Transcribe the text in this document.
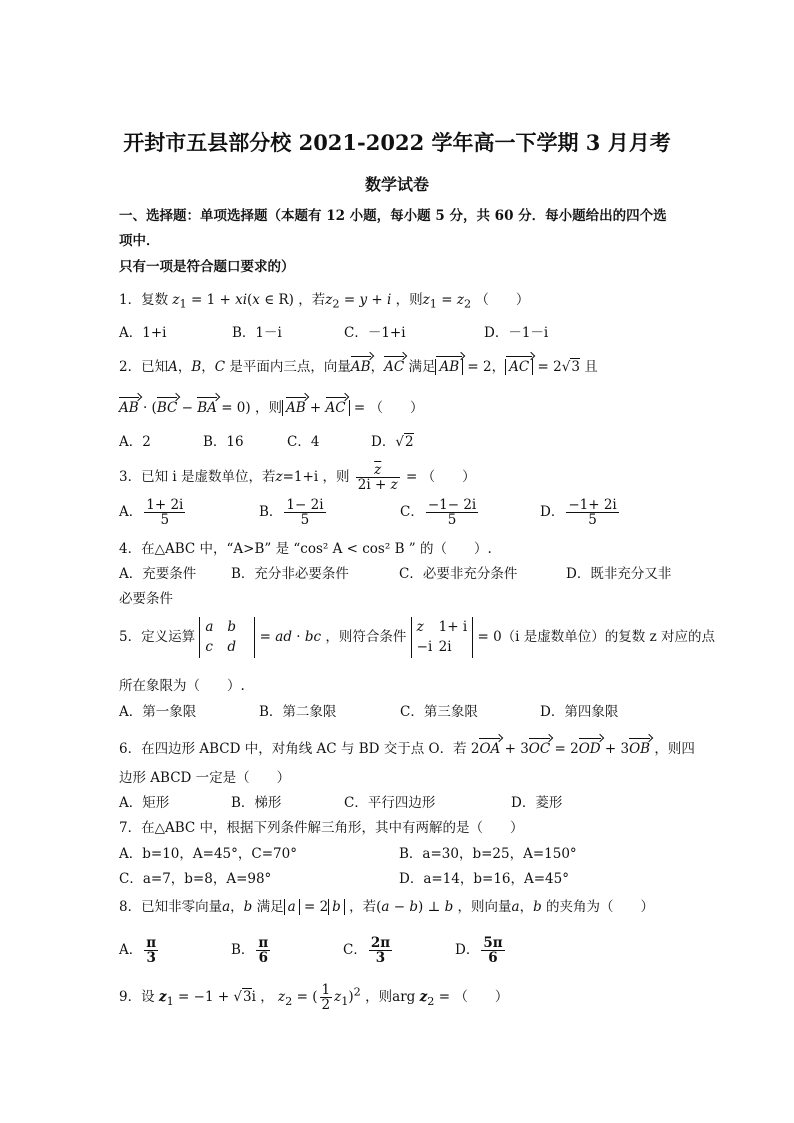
开封市五县部分校 2021-2022 学年高一下学期 3 月月考
数学试卷
一、选择题：单项选择题（本题有 12 小题，每小题 5 分，共 60 分．每小题给出的四个选
项中．
只有一项是符合题口要求的）
1．复数 $z_1 = 1 + xi(x$ ∈ R) ，若$z_2 = y + i$ ，则$z_1 = z_2$ （　　）
A．1+i	B．1－i	C．－1+i	D．－1－i
2．已知A，B，C 是平面内三点，向量AB，AC 满足 AB = 2， AC = 2√3 且
AB · (BC − BA = 0) ，则 AB + AC = （　　）
A．2	B．16	C．4	D．√2
3．已知 i 是虚数单位，若z=1+i ，则 $\frac{\overline{z}}{2i + z}$ = （　　）
A． $\frac{1+ 2i}{5}$	B． $\frac{1- 2i}{5}$	C． $\frac{-1- 2i}{5}$	D． $\frac{-1+ 2i}{5}$
4．在△ABC 中，“A>B” 是 “cos² A < cos² B ” 的（　　）.
A．充要条件	B．充分非必要条件	C．必要非充分条件	D．既非充分又非
必要条件
5．定义运算 a b
c d = ad · bc ，则符合条件 z 1+ i
−i 2i = 0（i 是虚数单位）的复数 z 对应的点
所在象限为（　　）.
A．第一象限	B．第二象限	C．第三象限	D．第四象限
6．在四边形 ABCD 中，对角线 AC 与 BD 交于点 O．若 2OA + 3OC = 2OD + 3OB ，则四
边形 ABCD 一定是（　　）
A．矩形	B．梯形	C．平行四边形	D．菱形
7．在△ABC 中，根据下列条件解三角形，其中有两解的是（　　）
A．b=10，A=45°，C=70°	B．a=30，b=25，A=150°
C．a=7，b=8，A=98°	D．a=14，b=16，A=45°
8．已知非零向量a，b 满足 a = 2 b ，若(a − b) ⊥ b ，则向量a，b 的夹角为（　　）
A． $\frac{\pi}{3}$	B． $\frac{\pi}{6}$	C． $\frac{2\pi}{3}$	D． $\frac{5\pi}{6}$
9．设 $z_1 = -1 + √3i$ ， $z_2$ = ( $\frac{1}{2} z_1)^2$ ，则arg $z_2$ = （　　）
